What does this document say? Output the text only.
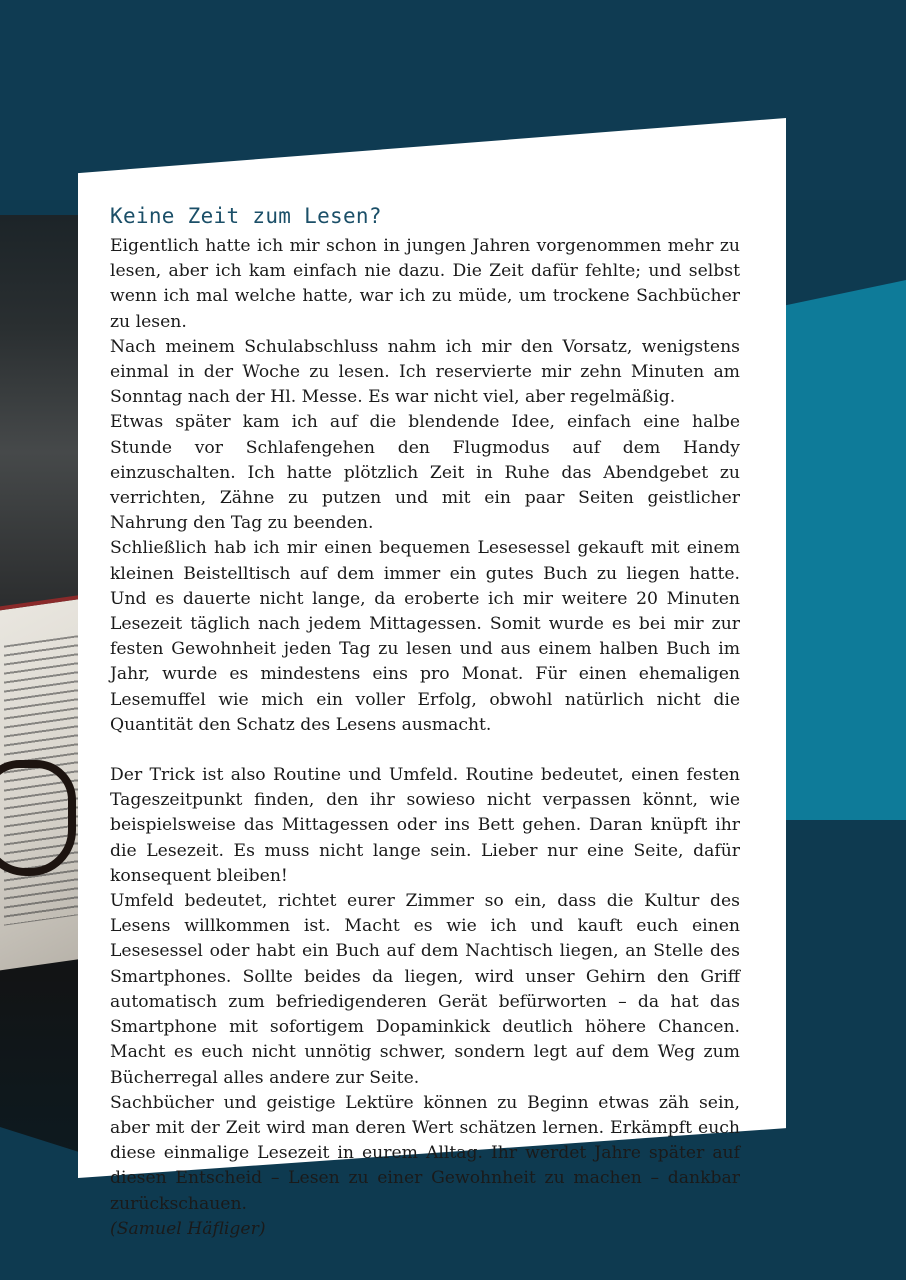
Keine Zeit zum Lesen?

Eigentlich hatte ich mir schon in jungen Jahren vorgenommen mehr zu lesen, aber ich kam einfach nie dazu. Die Zeit dafür fehlte; und selbst wenn ich mal welche hatte, war ich zu müde, um trockene Sachbücher zu lesen.

Nach meinem Schulabschluss nahm ich mir den Vorsatz, wenigstens einmal in der Woche zu lesen. Ich reservierte mir zehn Minuten am Sonntag nach der Hl. Messe. Es war nicht viel, aber regelmäßig.

Etwas später kam ich auf die blendende Idee, einfach eine halbe Stunde vor Schlafengehen den Flugmodus auf dem Handy einzuschalten. Ich hatte plötzlich Zeit in Ruhe das Abendgebet zu verrichten, Zähne zu putzen und mit ein paar Seiten geistlicher Nahrung den Tag zu beenden.

Schließlich hab ich mir einen bequemen Lesesessel gekauft mit einem kleinen Beistelltisch auf dem immer ein gutes Buch zu liegen hatte. Und es dauerte nicht lange, da eroberte ich mir weitere 20 Minuten Lesezeit täglich nach jedem Mittagessen. Somit wurde es bei mir zur festen Gewohnheit jeden Tag zu lesen und aus einem halben Buch im Jahr, wurde es mindestens eins pro Monat. Für einen ehemaligen Lesemuffel wie mich ein voller Erfolg, obwohl natürlich nicht die Quantität den Schatz des Lesens ausmacht.

Der Trick ist also Routine und Umfeld. Routine bedeutet, einen festen Tageszeitpunkt finden, den ihr sowieso nicht verpassen könnt, wie beispielsweise das Mittagessen oder ins Bett gehen. Daran knüpft ihr die Lesezeit. Es muss nicht lange sein. Lieber nur eine Seite, dafür konsequent bleiben!

Umfeld bedeutet, richtet eurer Zimmer so ein, dass die Kultur des Lesens willkommen ist. Macht es wie ich und kauft euch einen Lesesessel oder habt ein Buch auf dem Nachtisch liegen, an Stelle des Smartphones. Sollte beides da liegen, wird unser Gehirn den Griff automatisch zum befriedigenderen Gerät befürworten – da hat das Smartphone mit sofortigem Dopaminkick deutlich höhere Chancen. Macht es euch nicht unnötig schwer, sondern legt auf dem Weg zum Bücherregal alles andere zur Seite.

Sachbücher und geistige Lektüre können zu Beginn etwas zäh sein, aber mit der Zeit wird man deren Wert schätzen lernen. Erkämpft euch diese einmalige Lesezeit in eurem Alltag. Ihr werdet Jahre später auf diesen Entscheid – Lesen zu einer Gewohnheit zu machen – dankbar zurückschauen.

(Samuel Häfliger)
